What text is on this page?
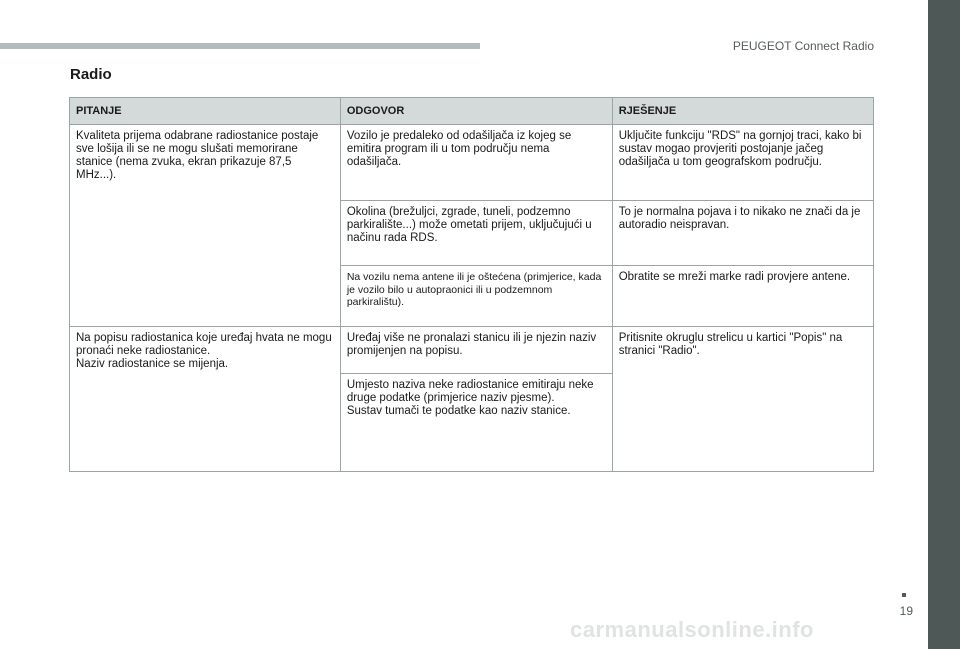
PEUGEOT Connect Radio
Radio
PITANJE	ODGOVOR	RJEŠENJE
Kvaliteta prijema odabrane radiostanice postaje sve lošija ili se ne mogu slušati memorirane stanice (nema zvuka, ekran prikazuje 87,5 MHz...).	Vozilo je predaleko od odašiljača iz kojeg se emitira program ili u tom području nema odašiljača.	Uključite funkciju "RDS" na gornjoj traci, kako bi sustav mogao provjeriti postojanje jačeg odašiljača u tom geografskom području.
	Okolina (brežuljci, zgrade, tuneli, podzemno parkiralište...) može ometati prijem, uključujući u načinu rada RDS.	To je normalna pojava i to nikako ne znači da je autoradio neispravan.
	Na vozilu nema antene ili je oštećena (primjerice, kada je vozilo bilo u autopraonici ili u podzemnom parkiralištu).	Obratite se mreži marke radi provjere antene.
Na popisu radiostanica koje uređaj hvata ne mogu pronaći neke radiostanice.
Naziv radiostanice se mijenja.	Uređaj više ne pronalazi stanicu ili je njezin naziv promijenjen na popisu.	Pritisnite okruglu strelicu u kartici "Popis" na stranici "Radio".
	Umjesto naziva neke radiostanice emitiraju neke druge podatke (primjerice naziv pjesme).
Sustav tumači te podatke kao naziv stanice.	
19
carmanualsonline.info
